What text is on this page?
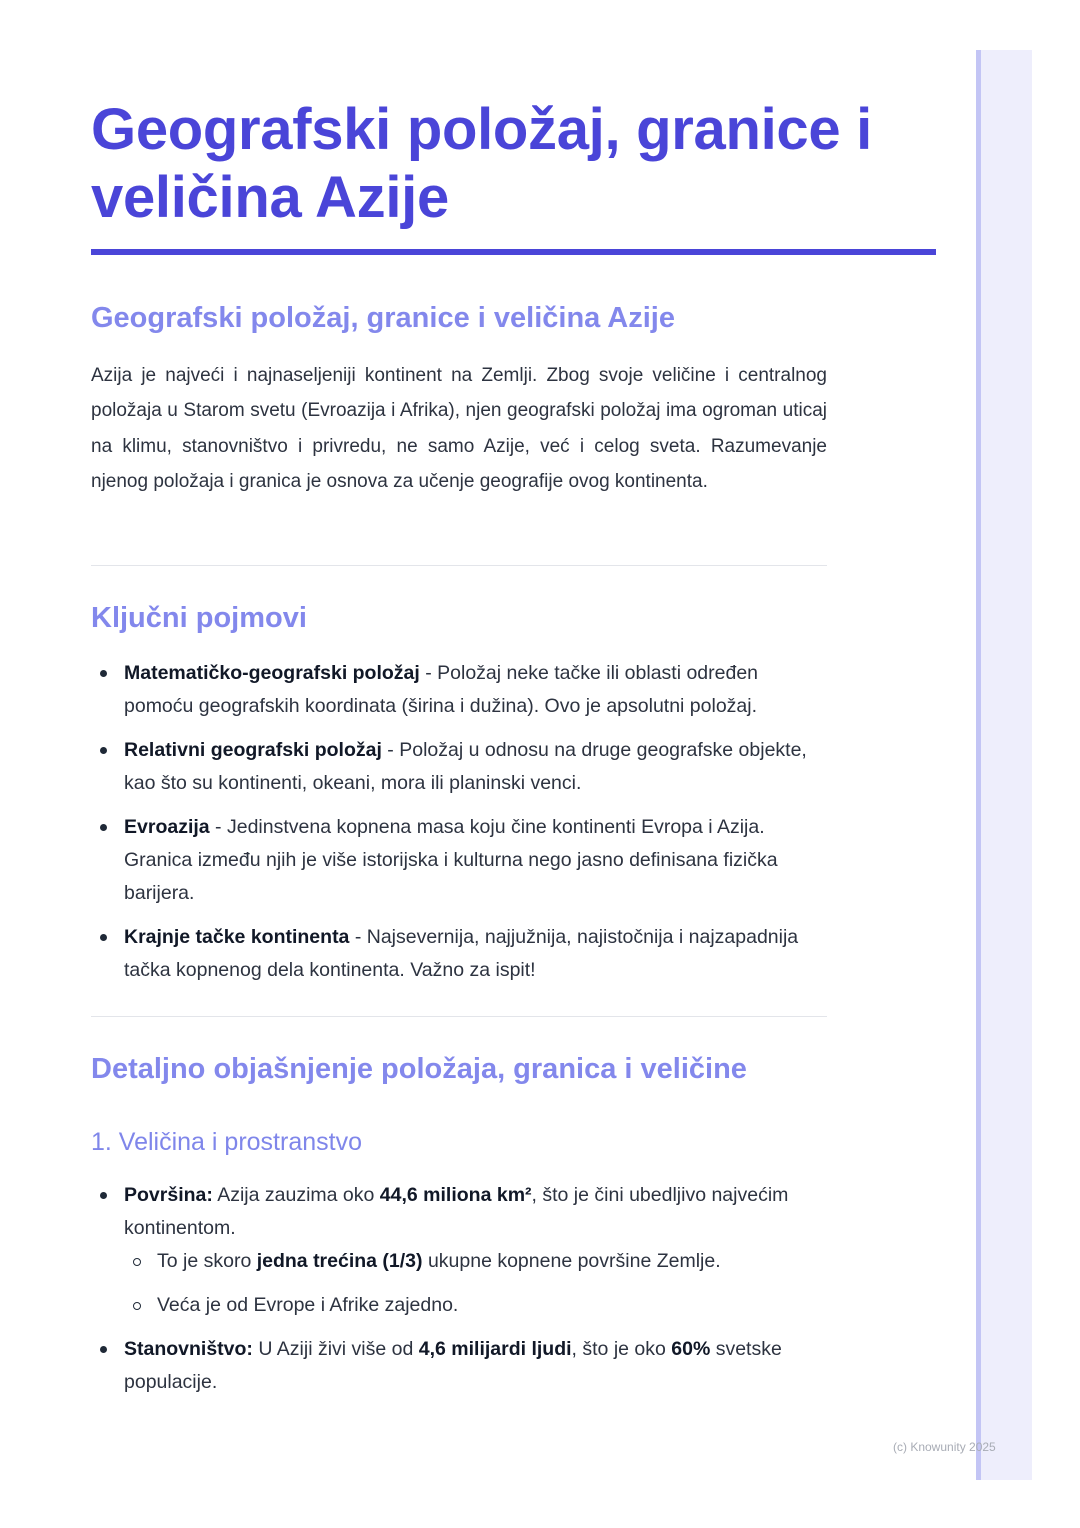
Geografski položaj, granice i veličina Azije
Geografski položaj, granice i veličina Azije

Azija je najveći i najnaseljeniji kontinent na Zemlji. Zbog svoje veličine i centralnog položaja u Starom svetu (Evroazija i Afrika), njen geografski položaj ima ogroman uticaj na klimu, stanovništvo i privredu, ne samo Azije, već i celog sveta. Razumevanje njenog položaja i granica je osnova za učenje geografije ovog kontinenta.

Ključni pojmovi
Matematičko-geografski položaj - Položaj neke tačke ili oblasti određen pomoću geografskih koordinata (širina i dužina). Ovo je apsolutni položaj.
Relativni geografski položaj - Položaj u odnosu na druge geografske objekte, kao što su kontinenti, okeani, mora ili planinski venci.
Evroazija - Jedinstvena kopnena masa koju čine kontinenti Evropa i Azija. Granica između njih je više istorijska i kulturna nego jasno definisana fizička barijera.
Krajnje tačke kontinenta - Najsevernija, najjužnija, najistočnija i najzapadnija tačka kopnenog dela kontinenta. Važno za ispit!
Detaljno objašnjenje položaja, granica i veličine
1. Veličina i prostranstvo
Površina: Azija zauzima oko 44,6 miliona km², što je čini ubedljivo najvećim kontinentom.
To je skoro jedna trećina (1/3) ukupne kopnene površine Zemlje.
Veća je od Evrope i Afrike zajedno.
Stanovništvo: U Aziji živi više od 4,6 milijardi ljudi, što je oko 60% svetske populacije.
(c) Knowunity 2025
